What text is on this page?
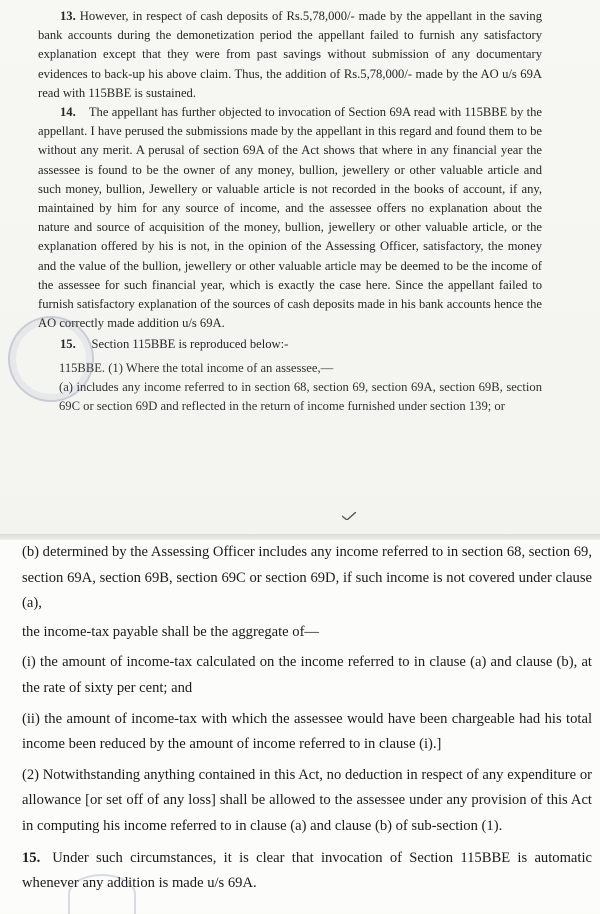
13. However, in respect of cash deposits of Rs.5,78,000/- made by the appellant in the saving bank accounts during the demonetization period the appellant failed to furnish any satisfactory explanation except that they were from past savings without submission of any documentary evidences to back-up his above claim. Thus, the addition of Rs.5,78,000/- made by the AO u/s 69A read with 115BBE is sustained.

14. The appellant has further objected to invocation of Section 69A read with 115BBE by the appellant. I have perused the submissions made by the appellant in this regard and found them to be without any merit. A perusal of section 69A of the Act shows that where in any financial year the assessee is found to be the owner of any money, bullion, jewellery or other valuable article and such money, bullion, Jewellery or valuable article is not recorded in the books of account, if any, maintained by him for any source of income, and the assessee offers no explanation about the nature and source of acquisition of the money, bullion, jewellery or other valuable article, or the explanation offered by his is not, in the opinion of the Assessing Officer, satisfactory, the money and the value of the bullion, jewellery or other valuable article may be deemed to be the income of the assessee for such financial year, which is exactly the case here. Since the appellant failed to furnish satisfactory explanation of the sources of cash deposits made in his bank accounts hence the AO correctly made addition u/s 69A.

15. Section 115BBE is reproduced below:-

115BBE. (1) Where the total income of an assessee,—

(a) includes any income referred to in section 68, section 69, section 69A, section 69B, section 69C or section 69D and reflected in the return of income furnished under section 139; or

(b) determined by the Assessing Officer includes any income referred to in section 68, section 69, section 69A, section 69B, section 69C or section 69D, if such income is not covered under clause (a),

the income-tax payable shall be the aggregate of—

(i) the amount of income-tax calculated on the income referred to in clause (a) and clause (b), at the rate of sixty per cent; and

(ii) the amount of income-tax with which the assessee would have been chargeable had his total income been reduced by the amount of income referred to in clause (i).]

(2) Notwithstanding anything contained in this Act, no deduction in respect of any expenditure or allowance [or set off of any loss] shall be allowed to the assessee under any provision of this Act in computing his income referred to in clause (a) and clause (b) of sub-section (1).

15. Under such circumstances, it is clear that invocation of Section 115BBE is automatic whenever any addition is made u/s 69A.
